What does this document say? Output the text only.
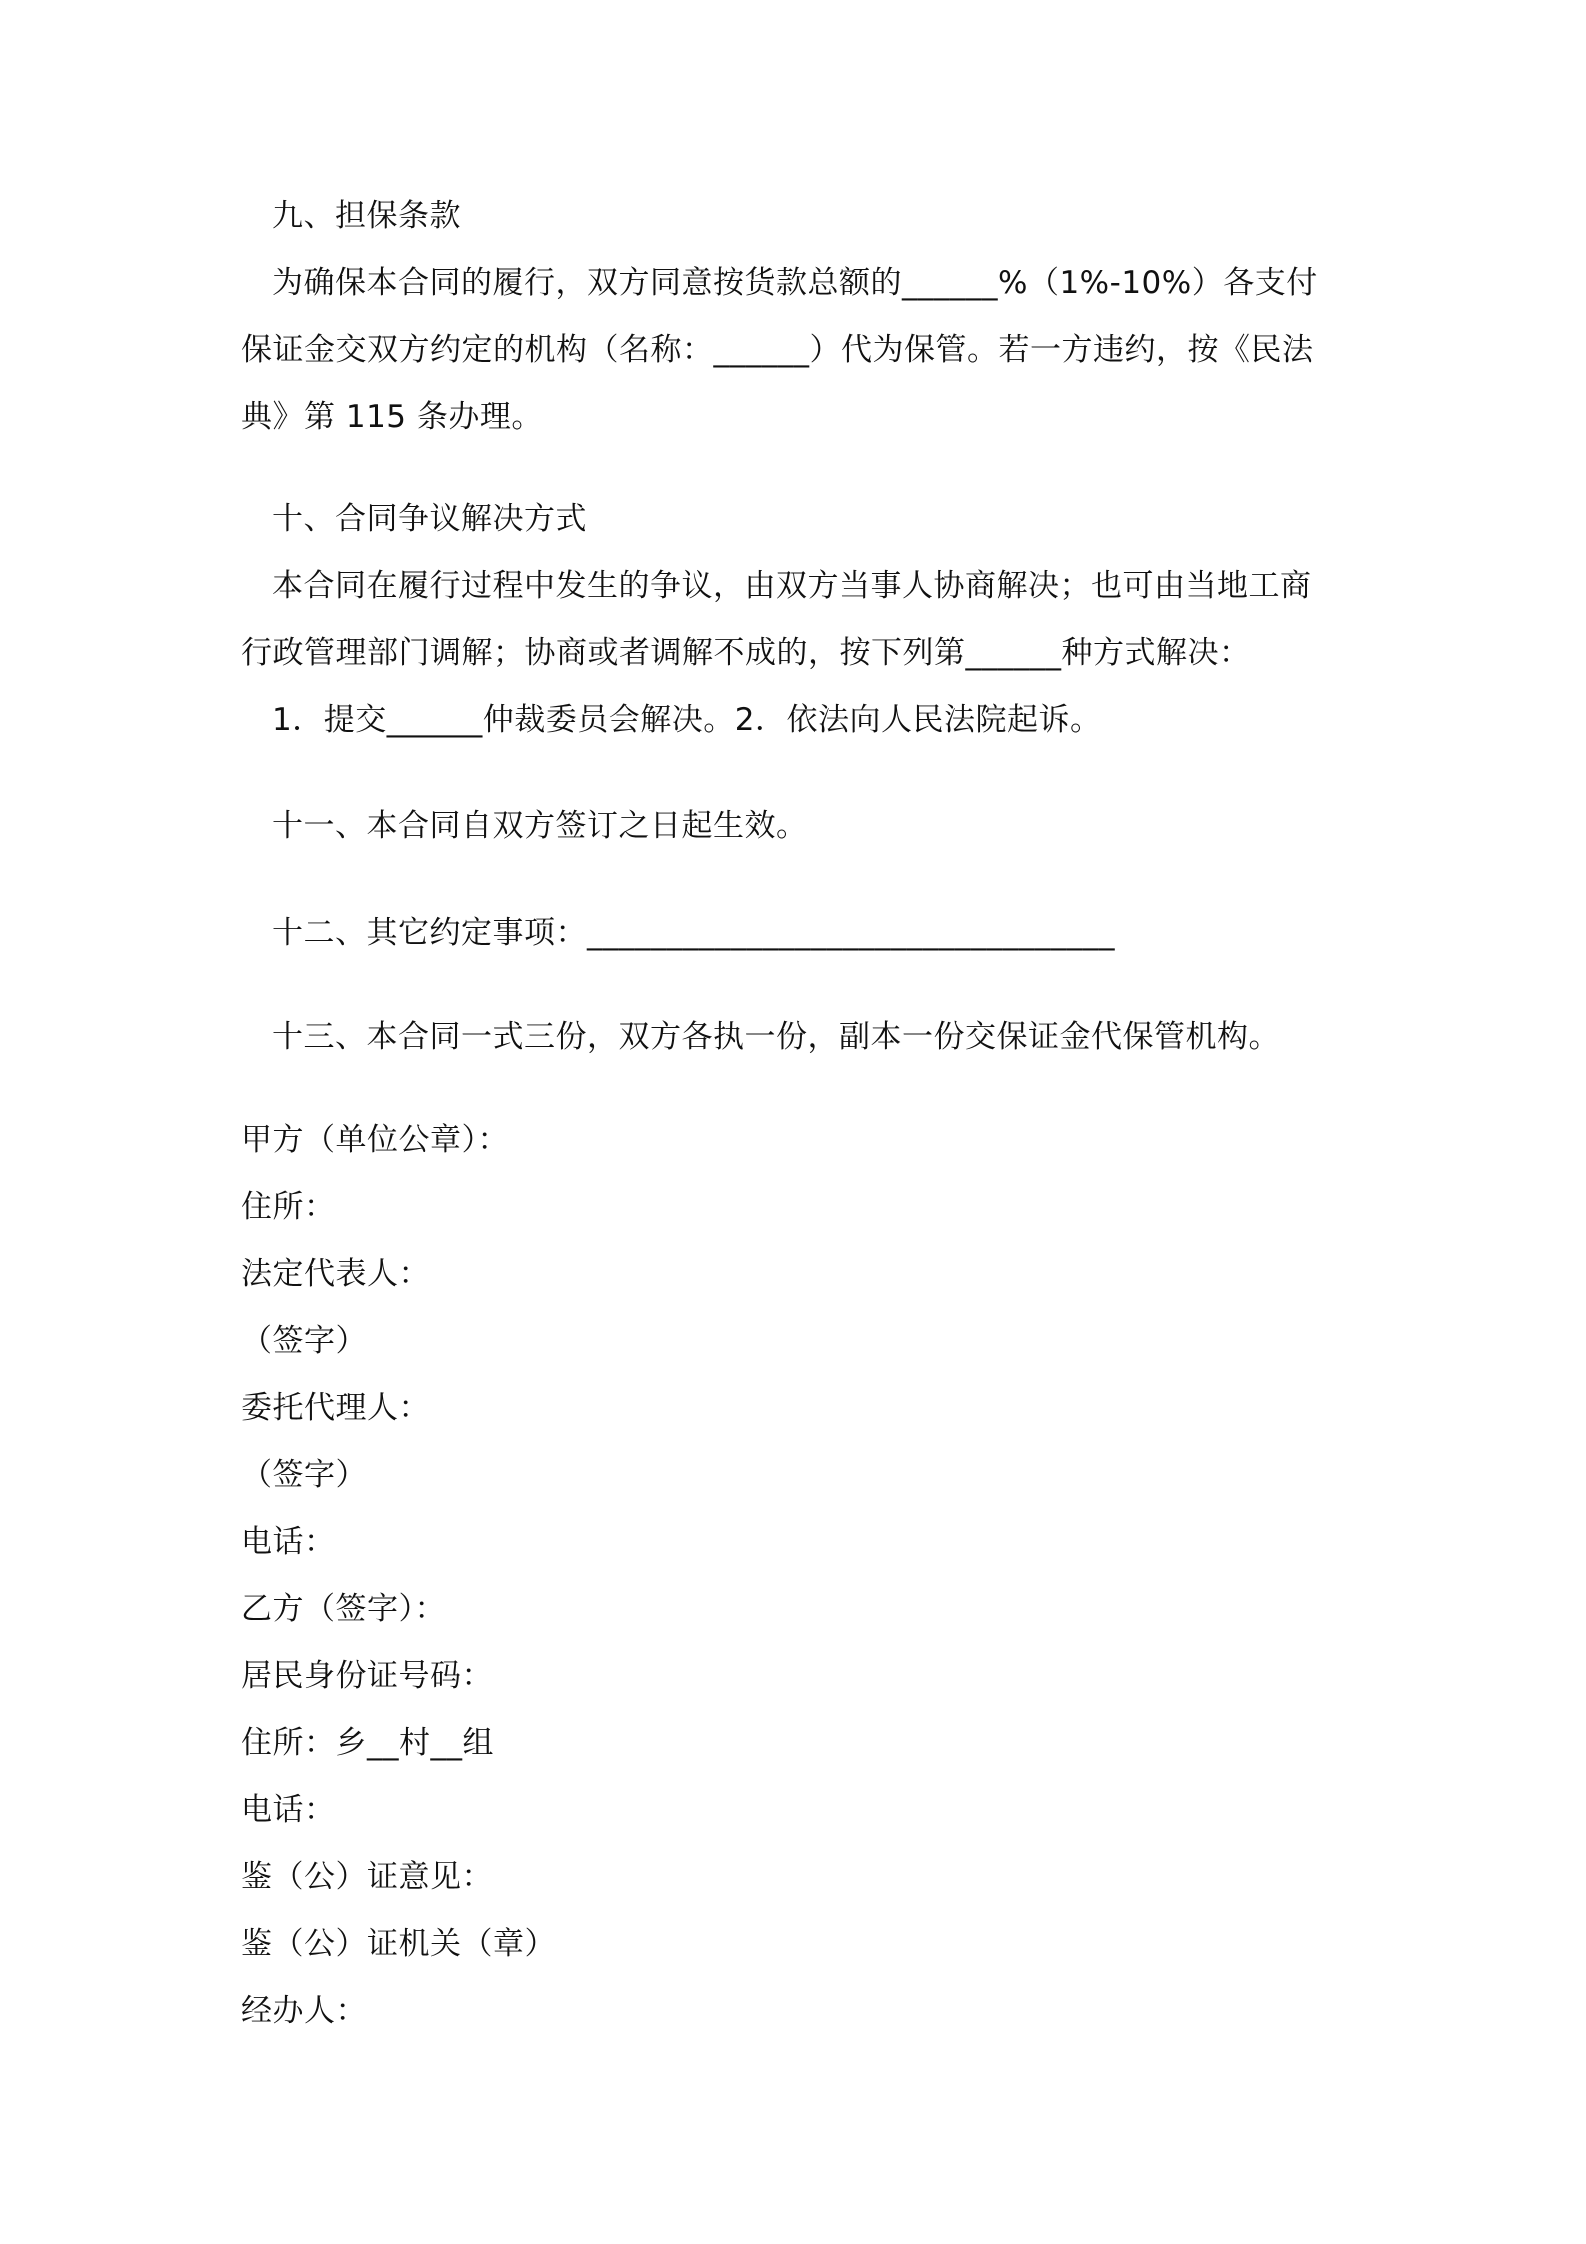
九、担保条款
为确保本合同的履行，双方同意按货款总额的______%（1%-10%）各支付
保证金交双方约定的机构（名称：______）代为保管。若一方违约，按《民法
典》第 115 条办理。
十、合同争议解决方式
本合同在履行过程中发生的争议，由双方当事人协商解决；也可由当地工商
行政管理部门调解；协商或者调解不成的，按下列第______种方式解决：
1．提交______仲裁委员会解决。2．依法向人民法院起诉。
十一、本合同自双方签订之日起生效。
十二、其它约定事项：_________________________________
十三、本合同一式三份，双方各执一份，副本一份交保证金代保管机构。
甲方（单位公章）：
住所：
法定代表人：
（签字）
委托代理人：
（签字）
电话：
乙方（签字）：
居民身份证号码：
住所：乡__村__组
电话：
鉴（公）证意见：
鉴（公）证机关（章）
经办人：
